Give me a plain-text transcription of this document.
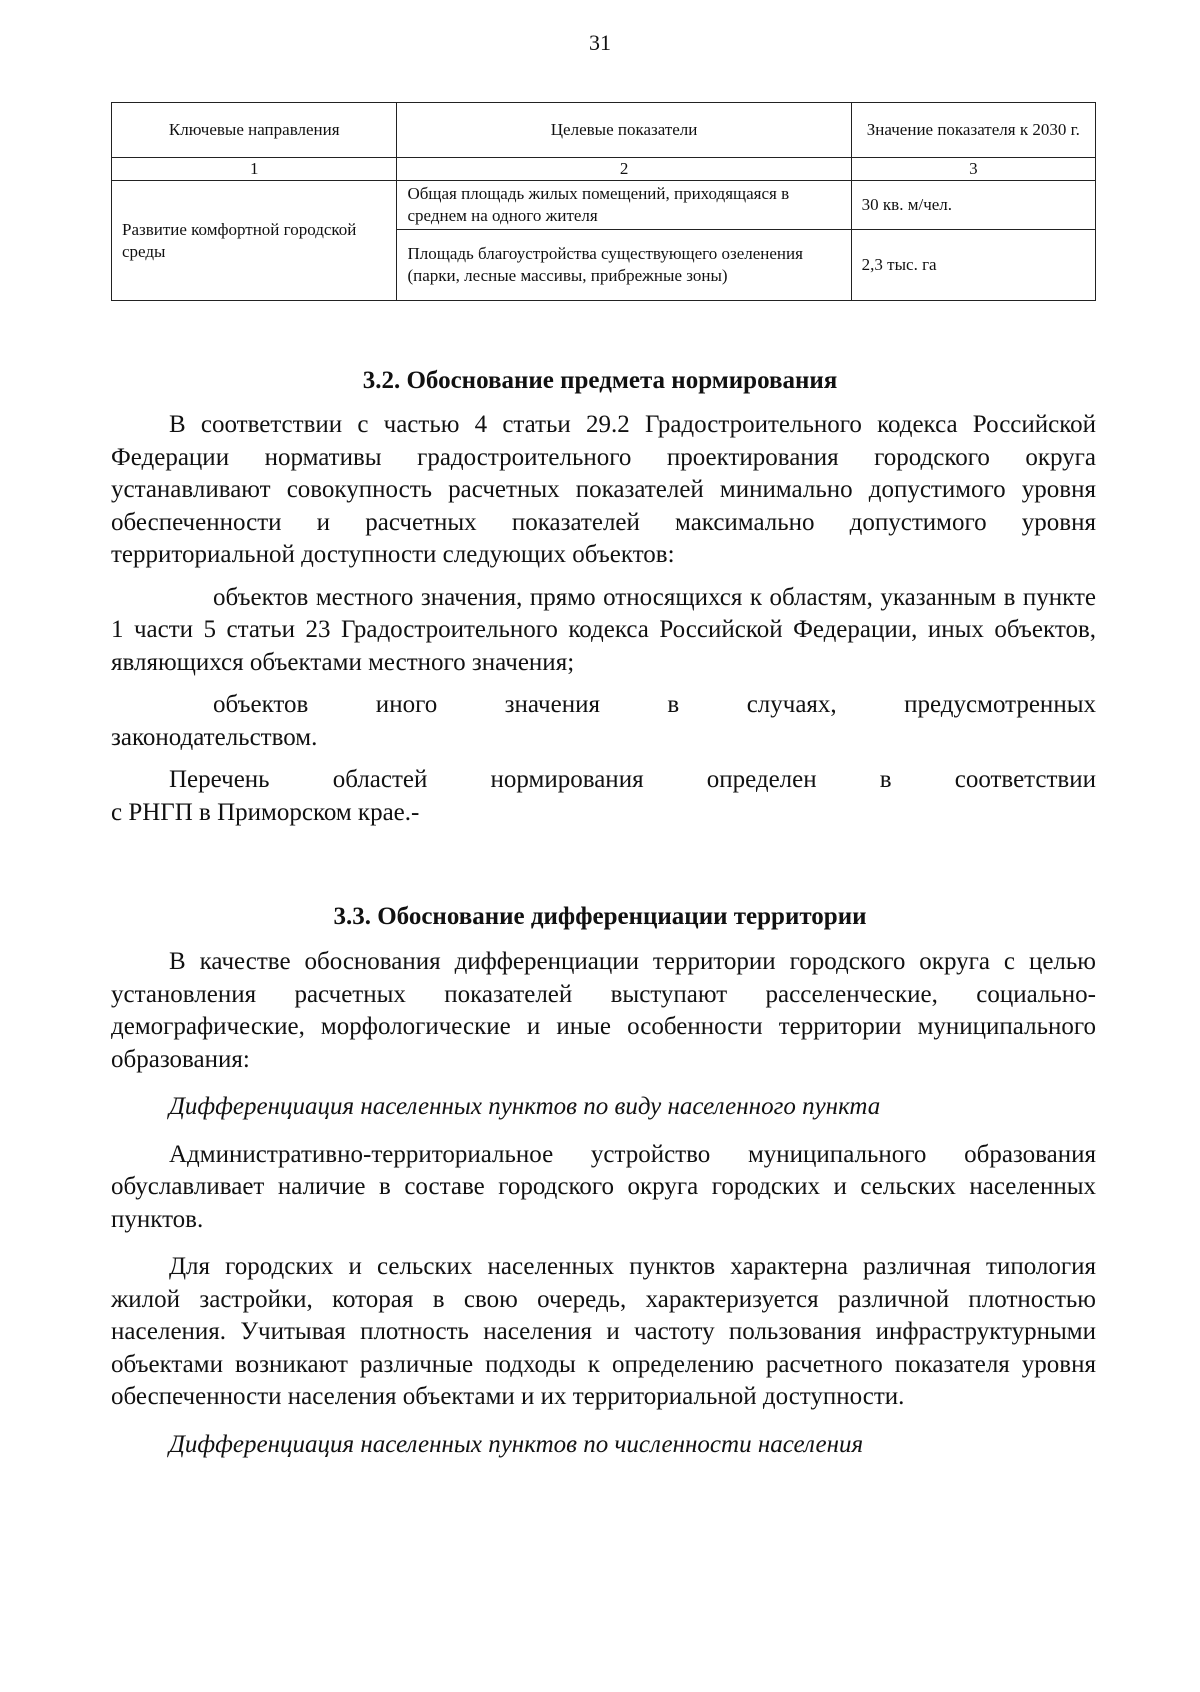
31
Ключевые направления	Целевые показатели	Значение показателя к 2030 г.
1	2	3
Развитие комфортной городской среды	Общая площадь жилых помещений, приходящаяся в среднем на одного жителя	30 кв. м/чел.
	Площадь благоустройства существующего озеленения (парки, лесные массивы, прибрежные зоны)	2,3 тыс. га
3.2. Обоснование предмета нормирования

В соответствии с частью 4 статьи 29.2 Градостроительного кодекса Российской Федерации нормативы градостроительного проектирования городского округа устанавливают совокупность расчетных показателей минимально допустимого уровня обеспеченности и расчетных показателей максимально допустимого уровня территориальной доступности следующих объектов:

объектов местного значения, прямо относящихся к областям, указанным в пункте 1 части 5 статьи 23 Градостроительного кодекса Российской Федерации, иных объектов, являющихся объектами местного значения;

объектов иного значения в случаях, предусмотренных
законодательством.
Перечень областей нормирования определен в соответствии
с РНГП в Приморском крае.-
3.3. Обоснование дифференциации территории

В качестве обоснования дифференциации территории городского округа с целью установления расчетных показателей выступают расселенческие, социально-демографические, морфологические и иные особенности территории муниципального образования:

Дифференциация населенных пунктов по виду населенного пункта

Административно-территориальное устройство муниципального образования обуславливает наличие в составе городского округа городских и сельских населенных пунктов.

Для городских и сельских населенных пунктов характерна различная типология жилой застройки, которая в свою очередь, характеризуется различной плотностью населения. Учитывая плотность населения и частоту пользования инфраструктурными объектами возникают различные подходы к определению расчетного показателя уровня обеспеченности населения объектами и их территориальной доступности.

Дифференциация населенных пунктов по численности населения
